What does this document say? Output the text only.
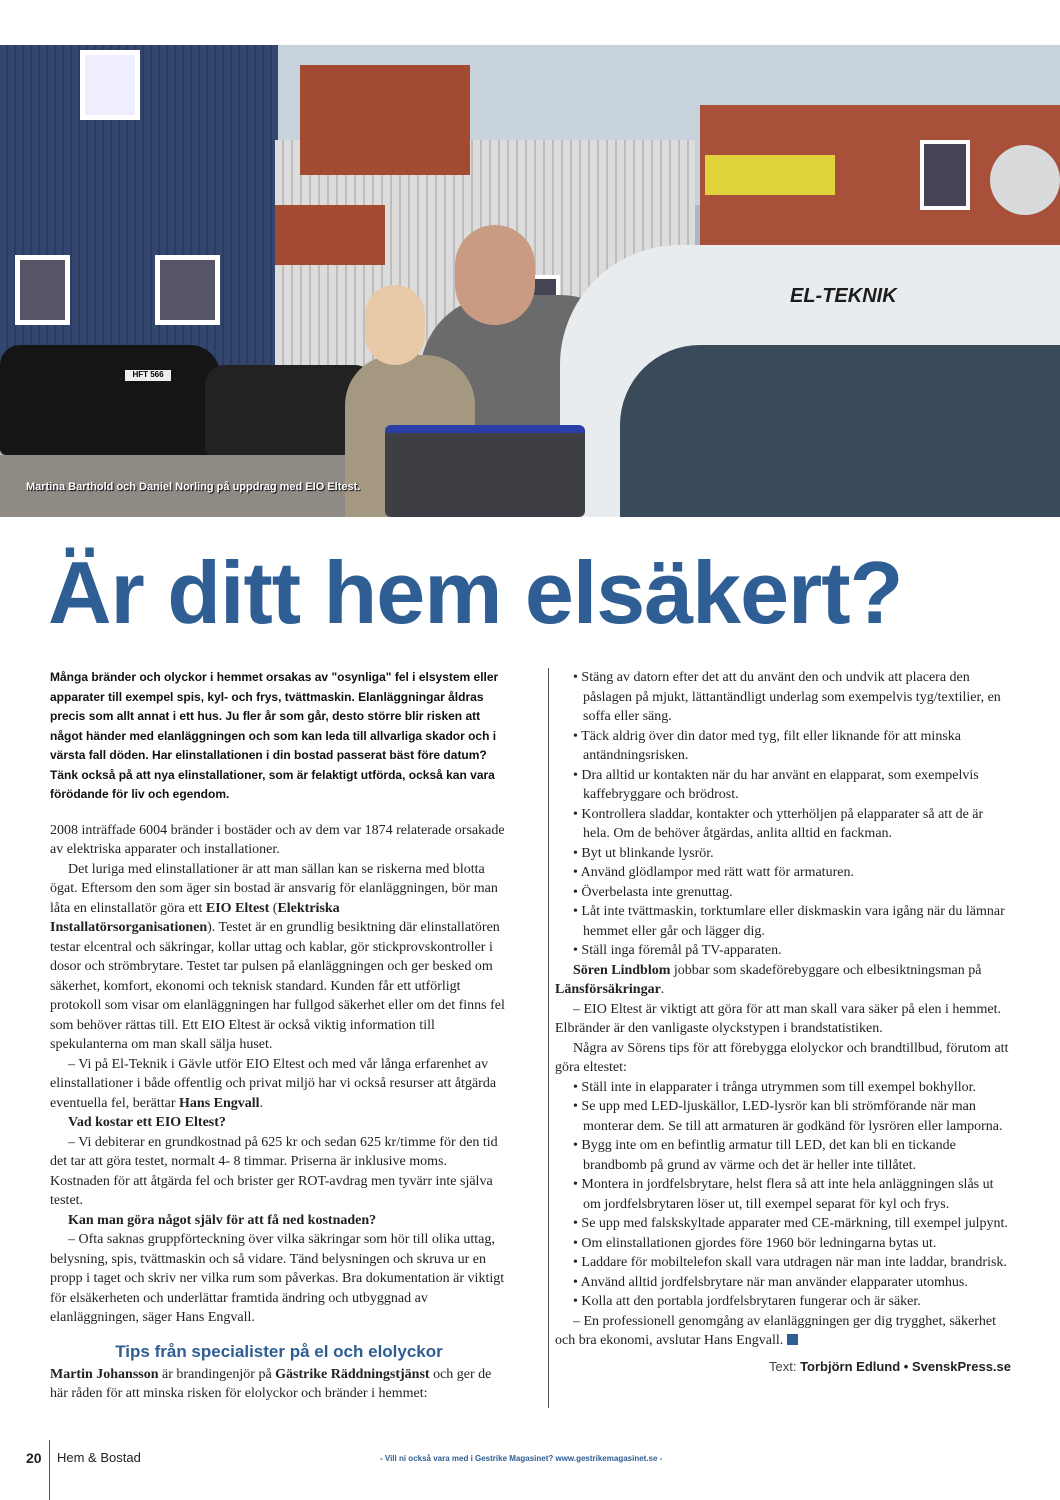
HFT 566
EL-TEKNIK
Martina Barthold och Daniel Norling på uppdrag med EIO Eltest.
Är ditt hem elsäkert?

Många bränder och olyckor i hemmet orsakas av "osynliga" fel i elsystem eller apparater till exempel spis, kyl- och frys, tvättmaskin. Elanläggningar åldras precis som allt annat i ett hus. Ju fler år som går, desto större blir risken att något händer med elanläggningen och som kan leda till allvarliga skador och i värsta fall döden. Har elinstallationen i din bostad passerat bäst före datum? Tänk också på att nya elinstallationer, som är felaktigt utförda, också kan vara förödande för liv och egendom.

2008 inträffade 6004 bränder i bostäder och av dem var 1874 relaterade orsakade av elektriska apparater och installationer.

Det luriga med elinstallationer är att man sällan kan se riskerna med blotta ögat. Eftersom den som äger sin bostad är ansvarig för elanläggningen, bör man låta en elinstallatör göra ett EIO Eltest (Elektriska Installatörsorganisationen). Testet är en grundlig besiktning där elinstallatören testar elcentral och säkringar, kollar uttag och kablar, gör stickprovskontroller i dosor och strömbrytare. Testet tar pulsen på elanläggningen och ger besked om säkerhet, komfort, ekonomi och teknisk standard. Kunden får ett utförligt protokoll som visar om elanläggningen har fullgod säkerhet eller om det finns fel som behöver rättas till. Ett EIO Eltest är också viktig information till spekulanterna om man skall sälja huset.

– Vi på El-Teknik i Gävle utför EIO Eltest och med vår långa erfarenhet av elinstallationer i både offentlig och privat miljö har vi också resurser att åtgärda eventuella fel, berättar Hans Engvall.

Vad kostar ett EIO Eltest?

– Vi debiterar en grundkostnad på 625 kr och sedan 625 kr/timme för den tid det tar att göra testet, normalt 4- 8 timmar. Priserna är inklusive moms. Kostnaden för att åtgärda fel och brister ger ROT-avdrag men tyvärr inte själva testet.

Kan man göra något själv för att få ned kostnaden?

– Ofta saknas gruppförteckning över vilka säkringar som hör till olika uttag, belysning, spis, tvättmaskin och så vidare. Tänd belysningen och skruva ur en propp i taget och skriv ner vilka rum som påverkas. Bra dokumentation är viktigt för elsäkerheten och underlättar framtida ändring och utbyggnad av elanläggningen, säger Hans Engvall.

Tips från specialister på el och elolyckor

Martin Johansson är brandingenjör på Gästrike Räddningstjänst och ger de här råden för att minska risken för elolyckor och bränder i hemmet:

• Stäng av datorn efter det att du använt den och undvik att placera den påslagen på mjukt, lättantändligt underlag som exempelvis tyg/textilier, en soffa eller säng.
• Täck aldrig över din dator med tyg, filt eller liknande för att minska antändningsrisken.
• Dra alltid ur kontakten när du har använt en elapparat, som exempelvis kaffebryggare och brödrost.
• Kontrollera sladdar, kontakter och ytterhöljen på elapparater så att de är hela. Om de behöver åtgärdas, anlita alltid en fackman.
• Byt ut blinkande lysrör.
• Använd glödlampor med rätt watt för armaturen.
• Överbelasta inte grenuttag.
• Låt inte tvättmaskin, torktumlare eller diskmaskin vara igång när du lämnar hemmet eller går och lägger dig.
• Ställ inga föremål på TV-apparaten.

Sören Lindblom jobbar som skadeförebyggare och elbesiktningsman på Länsförsäkringar.

– EIO Eltest är viktigt att göra för att man skall vara säker på elen i hemmet. Elbränder är den vanligaste olyckstypen i brandstatistiken.

Några av Sörens tips för att förebygga elolyckor och brandtillbud, förutom att göra eltestet:

• Ställ inte in elapparater i trånga utrymmen som till exempel bokhyllor.
• Se upp med LED-ljuskällor, LED-lysrör kan bli strömförande när man monterar dem. Se till att armaturen är godkänd för lysrören eller lamporna.
• Bygg inte om en befintlig armatur till LED, det kan bli en tickande brandbomb på grund av värme och det är heller inte tillåtet.
• Montera in jordfelsbrytare, helst flera så att inte hela anläggningen slås ut om jordfelsbrytaren löser ut, till exempel separat för kyl och frys.
• Se upp med falskskyltade apparater med CE-märkning, till exempel julpynt.
• Om elinstallationen gjordes före 1960 bör ledningarna bytas ut.
• Laddare för mobiltelefon skall vara utdragen när man inte laddar, brandrisk.
• Använd alltid jordfelsbrytare när man använder elapparater utomhus.
• Kolla att den portabla jordfelsbrytaren fungerar och är säker.

– En professionell genomgång av elanläggningen ger dig trygghet, säkerhet och bra ekonomi, avslutar Hans Engvall.

Text: Torbjörn Edlund • SvenskPress.se

20 Hem & Bostad	- Vill ni också vara med i Gestrike Magasinet? www.gestrikemagasinet.se -
